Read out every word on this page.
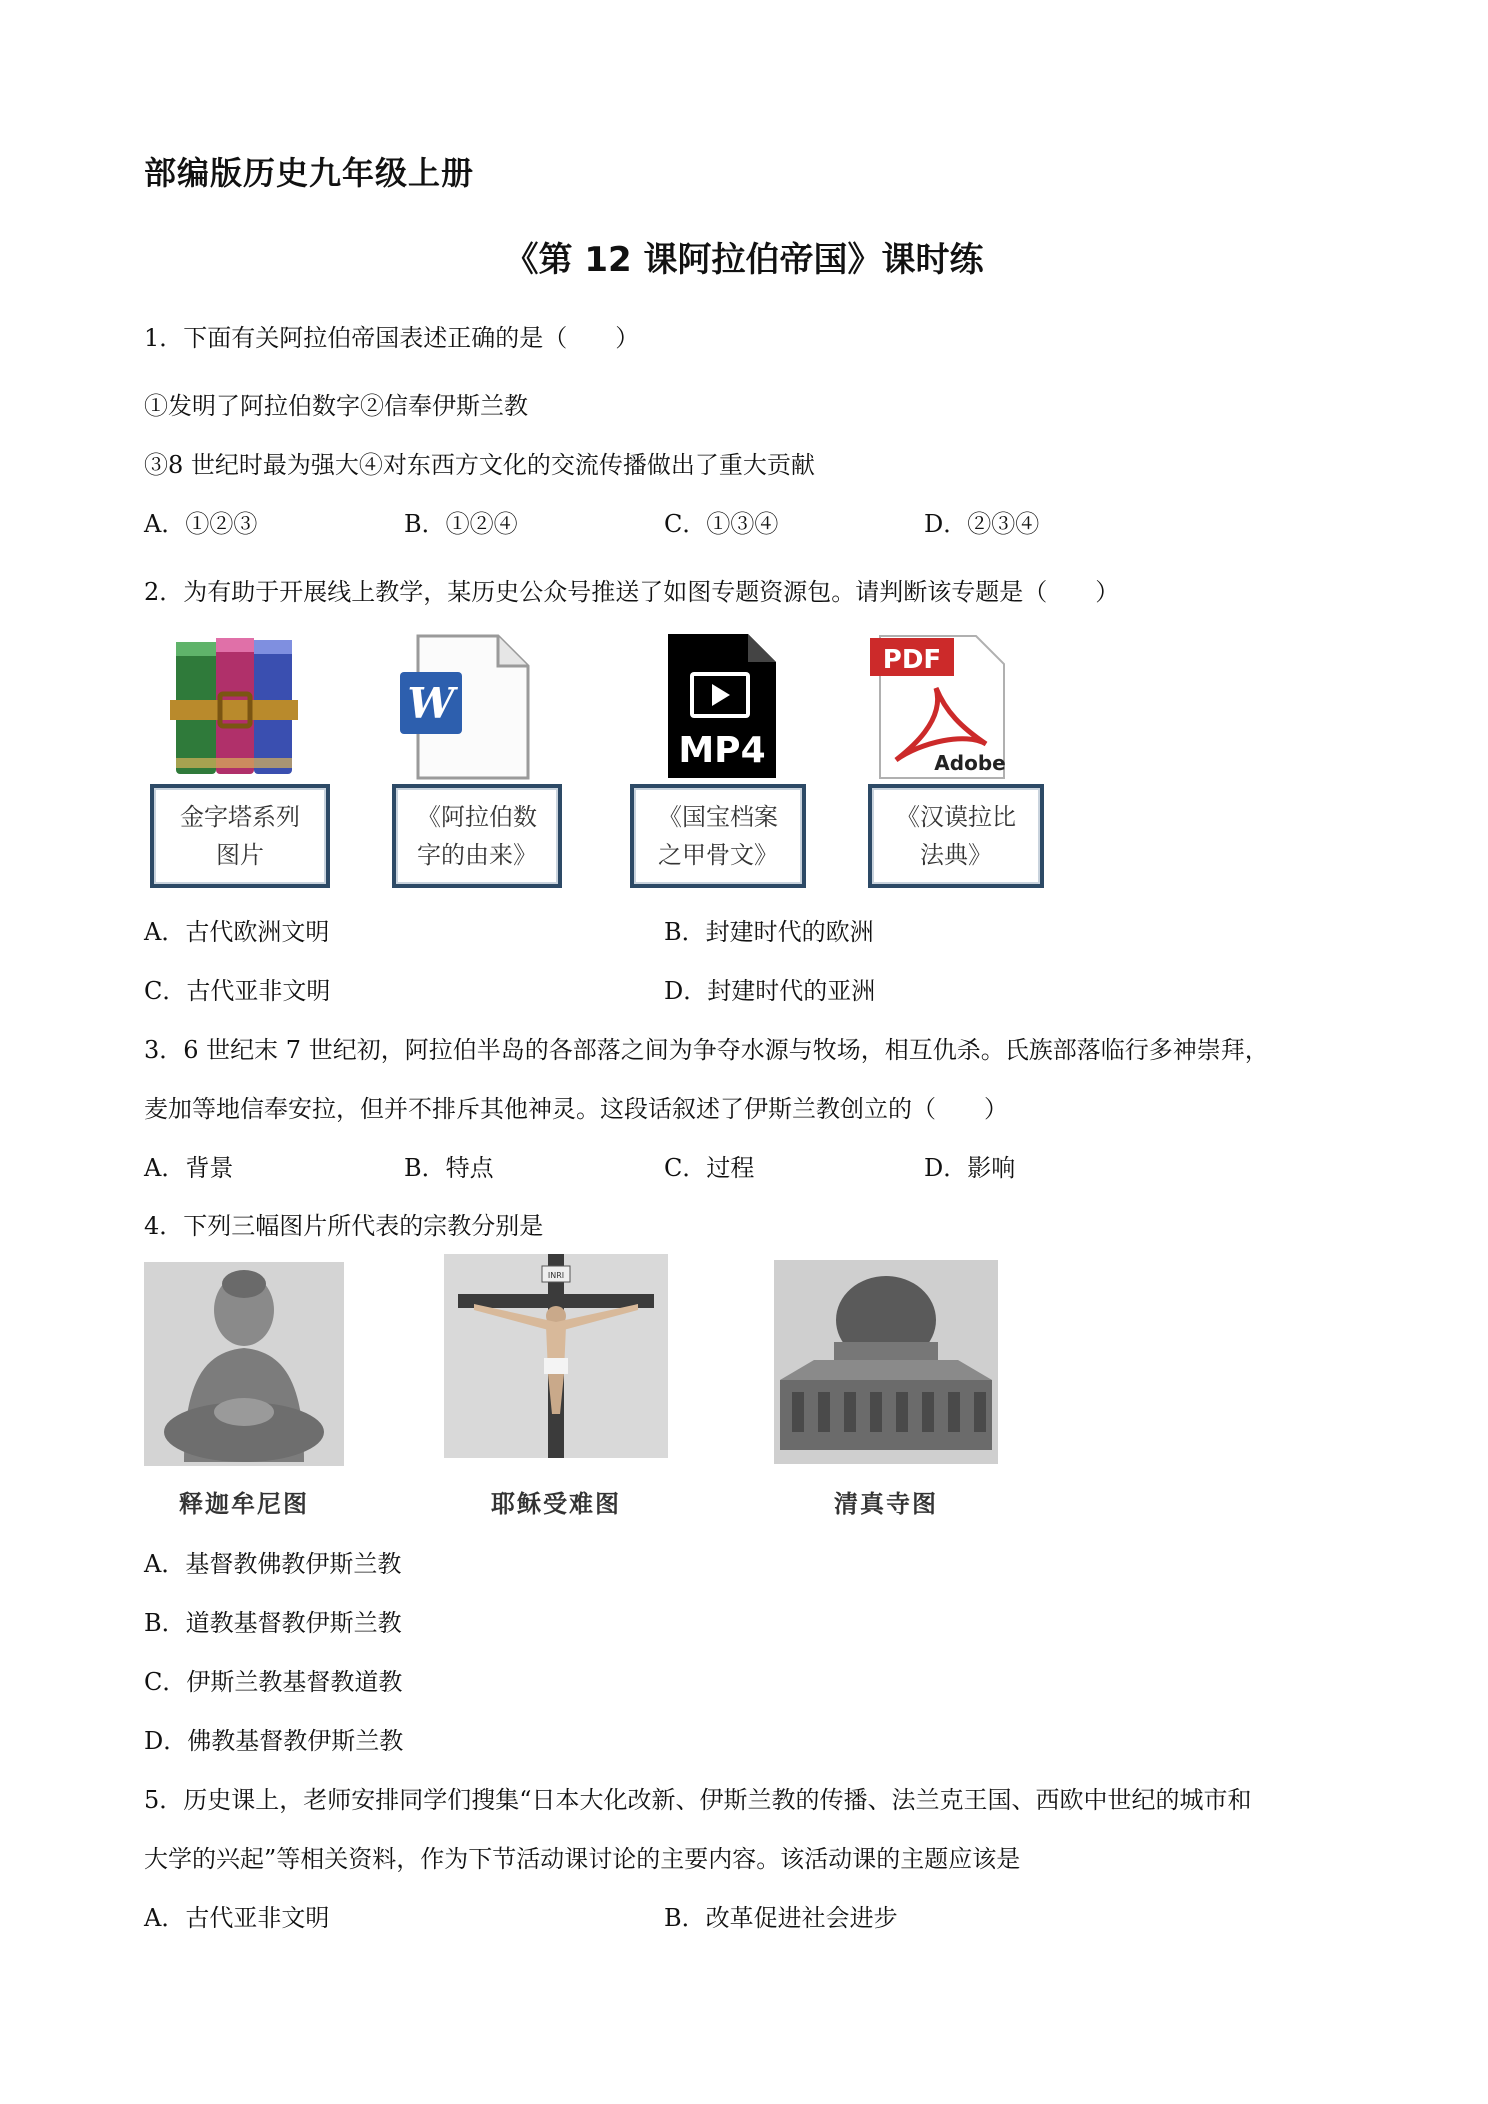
部编版历史九年级上册
《第 12 课阿拉伯帝国》课时练
1．下面有关阿拉伯帝国表述正确的是（　　）
①发明了阿拉伯数字②信奉伊斯兰教
③8 世纪时最为强大④对东西方文化的交流传播做出了重大贡献
A．①②③	B．①②④	C．①③④	D．②③④
2．为有助于开展线上教学，某历史公众号推送了如图专题资源包。请判断该专题是（　　）
W
MP4
PDF
Adobe
金字塔系列
图片
《阿拉伯数
字的由来》
《国宝档案
之甲骨文》
《汉谟拉比
法典》
A．古代欧洲文明	B．封建时代的欧洲
C．古代亚非文明	D．封建时代的亚洲
3．6 世纪末 7 世纪初，阿拉伯半岛的各部落之间为争夺水源与牧场，相互仇杀。氏族部落临行多神崇拜，
麦加等地信奉安拉，但并不排斥其他神灵。这段话叙述了伊斯兰教创立的（　　）
A．背景	B．特点	C．过程	D．影响
4．下列三幅图片所代表的宗教分别是
INRI
释迦牟尼图	耶稣受难图	清真寺图
A．基督教佛教伊斯兰教
B．道教基督教伊斯兰教
C．伊斯兰教基督教道教
D．佛教基督教伊斯兰教
5．历史课上，老师安排同学们搜集“日本大化改新、伊斯兰教的传播、法兰克王国、西欧中世纪的城市和
大学的兴起”等相关资料，作为下节活动课讨论的主要内容。该活动课的主题应该是
A．古代亚非文明	B．改革促进社会进步
